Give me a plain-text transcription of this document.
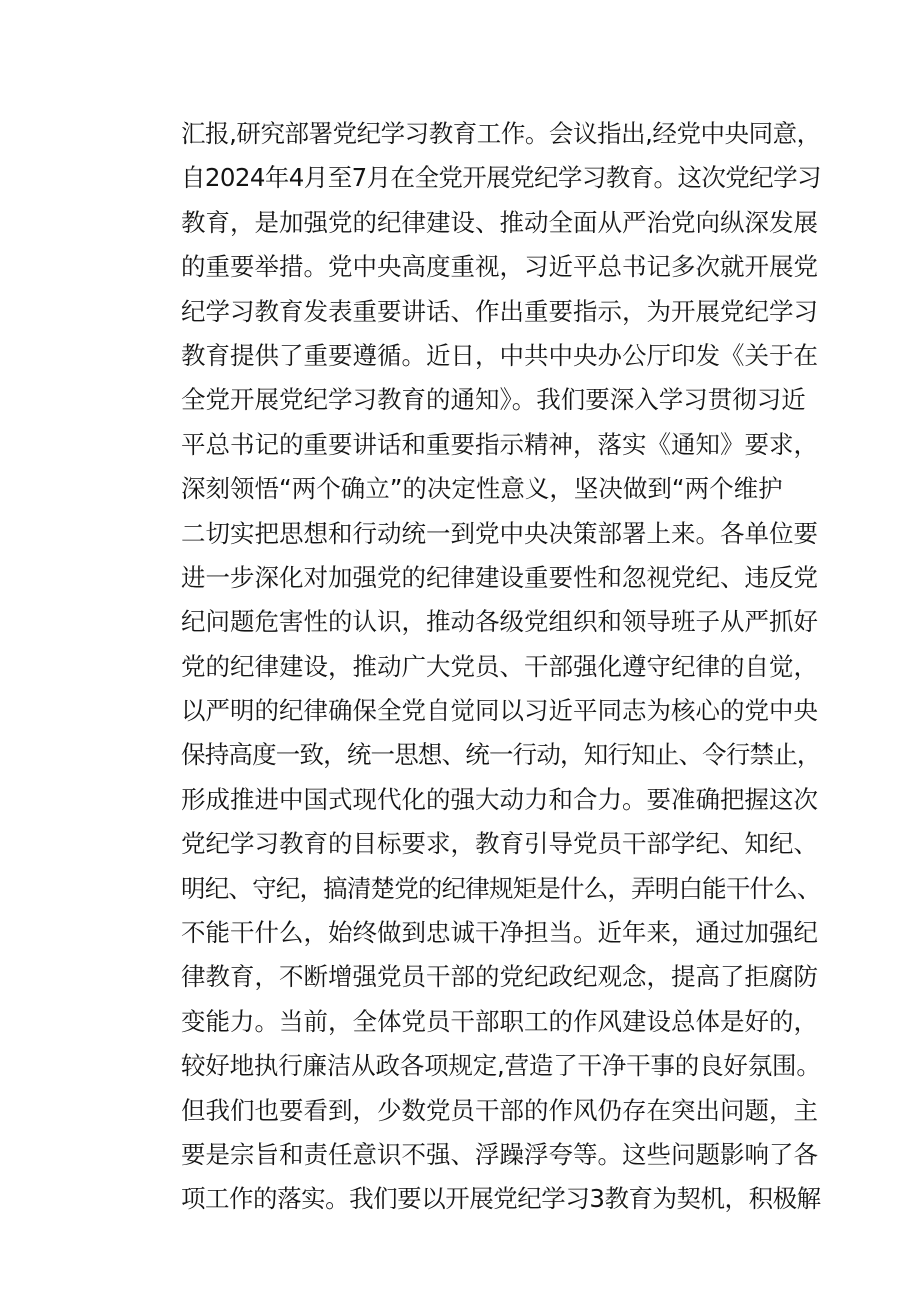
汇报,研究部署党纪学习教育工作。会议指出,经党中央同意，
自2024年4月至7月在全党开展党纪学习教育。这次党纪学习
教育，是加强党的纪律建设、推动全面从严治党向纵深发展
的重要举措。党中央高度重视，习近平总书记多次就开展党
纪学习教育发表重要讲话、作出重要指示，为开展党纪学习
教育提供了重要遵循。近日，中共中央办公厅印发《关于在
全党开展党纪学习教育的通知》。我们要深入学习贯彻习近
平总书记的重要讲话和重要指示精神，落实《通知》要求，
深刻领悟“两个确立”的决定性意义，坚决做到“两个维护
二切实把思想和行动统一到党中央决策部署上来。各单位要
进一步深化对加强党的纪律建设重要性和忽视党纪、违反党
纪问题危害性的认识，推动各级党组织和领导班子从严抓好
党的纪律建设，推动广大党员、干部强化遵守纪律的自觉，
以严明的纪律确保全党自觉同以习近平同志为核心的党中央
保持高度一致，统一思想、统一行动，知行知止、令行禁止，
形成推进中国式现代化的强大动力和合力。要准确把握这次
党纪学习教育的目标要求，教育引导党员干部学纪、知纪、
明纪、守纪，搞清楚党的纪律规矩是什么，弄明白能干什么、
不能干什么，始终做到忠诚干净担当。近年来，通过加强纪
律教育，不断增强党员干部的党纪政纪观念，提高了拒腐防
变能力。当前，全体党员干部职工的作风建设总体是好的，
较好地执行廉洁从政各项规定,营造了干净干事的良好氛围。
但我们也要看到，少数党员干部的作风仍存在突出问题，主
要是宗旨和责任意识不强、浮躁浮夸等。这些问题影响了各
项工作的落实。我们要以开展党纪学习3教育为契机，积极解
